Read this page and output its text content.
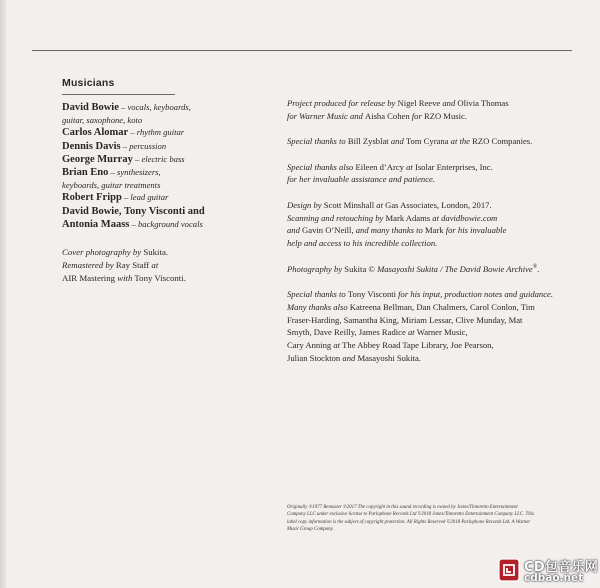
Musicians
David Bowie – vocals, keyboards,
guitar, saxophone, koto
Carlos Alomar – rhythm guitar
Dennis Davis – percussion
George Murray – electric bass
Brian Eno – synthesizers,
keyboards, guitar treatments
Robert Fripp – lead guitar
David Bowie, Tony Visconti and
Antonia Maass – background vocals
Cover photography by Sukita.
Remastered by Ray Staff at
AIR Mastering with Tony Visconti.
Project produced for release by Nigel Reeve and Olivia Thomas
for Warner Music and Aisha Cohen for RZO Music.
Special thanks to Bill Zysblat and Tom Cyrana at the RZO Companies.
Special thanks also Eileen d’Arcy at Isolar Enterprises, Inc.
for her invaluable assistance and patience.
Design by Scott Minshall at Gas Associates, London, 2017.
Scanning and retouching by Mark Adams at davidbowie.com
and Gavin O’Neill, and many thanks to Mark for his invaluable
help and access to his incredible collection.
Photography by Sukita © Masayoshi Sukita / The David Bowie Archive®.
Special thanks to Tony Visconti for his input, production notes and guidance.
Many thanks also Katreena Bellman, Dan Chalmers, Carol Conlon, Tim
Fraser-Harding, Samantha King, Miriam Lessar, Clive Munday, Mat
Smyth, Dave Reilly, James Radice at Warner Music,
Cary Anning at The Abbey Road Tape Library, Joe Pearson,
Julian Stockton and Masayoshi Sukita.
Originally ℗1977 Remaster ℗2017 The copyright in this sound recording is owned by Jones/Tintoretto Entertainment
Company LLC under exclusive license to Parlophone Records Ltd ©2018 Jones/Tintoretto Entertainment Company LLC. This
label copy information is the subject of copyright protection. All Rights Reserved ©2018 Parlophone Records Ltd. A Warner
Music Group Company.
CD包音乐网
cdbao.net
